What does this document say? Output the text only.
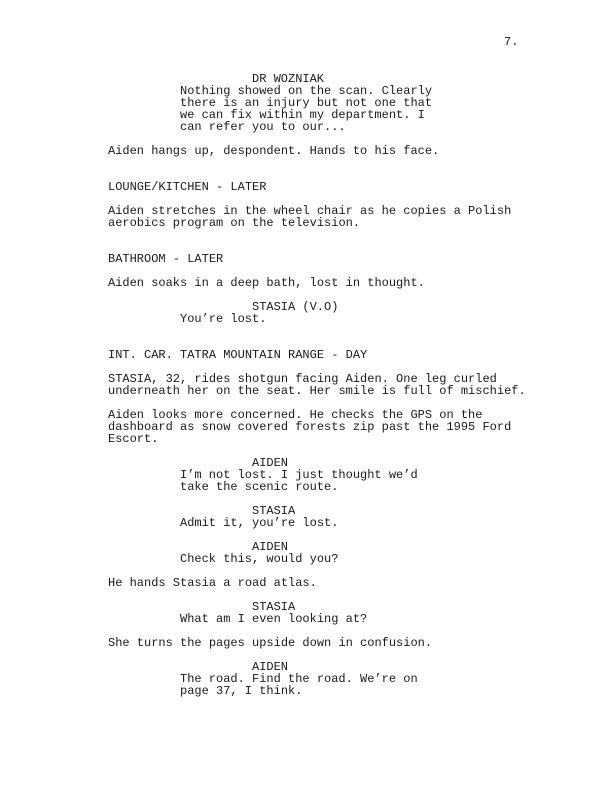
7.
DR WOZNIAK
Nothing showed on the scan. Clearly
there is an injury but not one that
we can fix within my department. I
can refer you to our...
Aiden hangs up, despondent. Hands to his face.
LOUNGE/KITCHEN - LATER
Aiden stretches in the wheel chair as he copies a Polish
aerobics program on the television.
BATHROOM - LATER
Aiden soaks in a deep bath, lost in thought.
STASIA (V.O)
You’re lost.
INT. CAR. TATRA MOUNTAIN RANGE - DAY
STASIA, 32, rides shotgun facing Aiden. One leg curled
underneath her on the seat. Her smile is full of mischief.
Aiden looks more concerned. He checks the GPS on the
dashboard as snow covered forests zip past the 1995 Ford
Escort.
AIDEN
I’m not lost. I just thought we’d
take the scenic route.
STASIA
Admit it, you’re lost.
AIDEN
Check this, would you?
He hands Stasia a road atlas.
STASIA
What am I even looking at?
She turns the pages upside down in confusion.
AIDEN
The road. Find the road. We’re on
page 37, I think.
